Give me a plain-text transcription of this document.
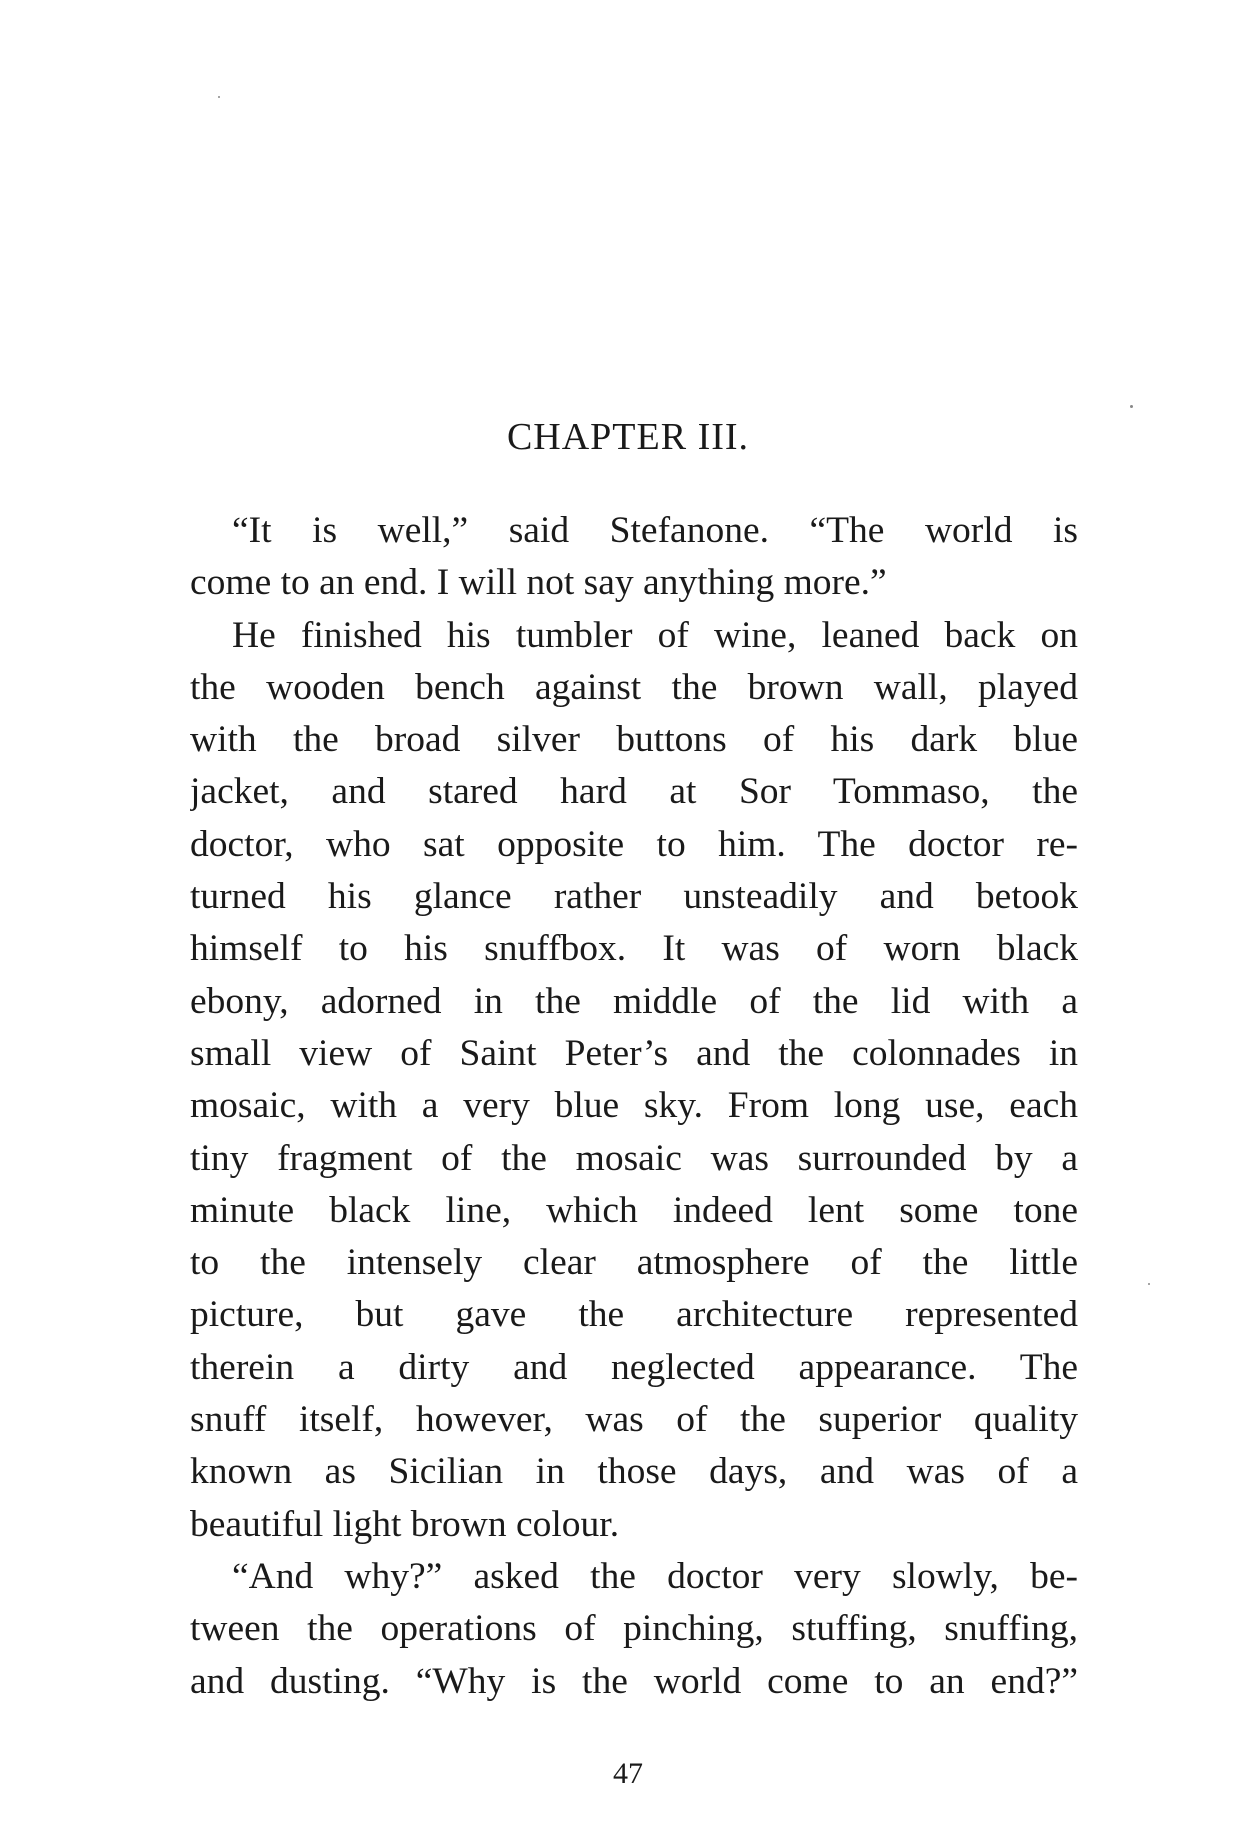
CHAPTER III.
“It is well,” said Stefanone. “The world is
come to an end. I will not say anything more.”
He finished his tumbler of wine, leaned back on
the wooden bench against the brown wall, played
with the broad silver buttons of his dark blue
jacket, and stared hard at Sor Tommaso, the
doctor, who sat opposite to him. The doctor re-
turned his glance rather unsteadily and betook
himself to his snuffbox. It was of worn black
ebony, adorned in the middle of the lid with a
small view of Saint Peter’s and the colonnades in
mosaic, with a very blue sky. From long use, each
tiny fragment of the mosaic was surrounded by a
minute black line, which indeed lent some tone
to the intensely clear atmosphere of the little
picture, but gave the architecture represented
therein a dirty and neglected appearance. The
snuff itself, however, was of the superior quality
known as Sicilian in those days, and was of a
beautiful light brown colour.
“And why?” asked the doctor very slowly, be-
tween the operations of pinching, stuffing, snuffing,
and dusting. “Why is the world come to an end?”
47
